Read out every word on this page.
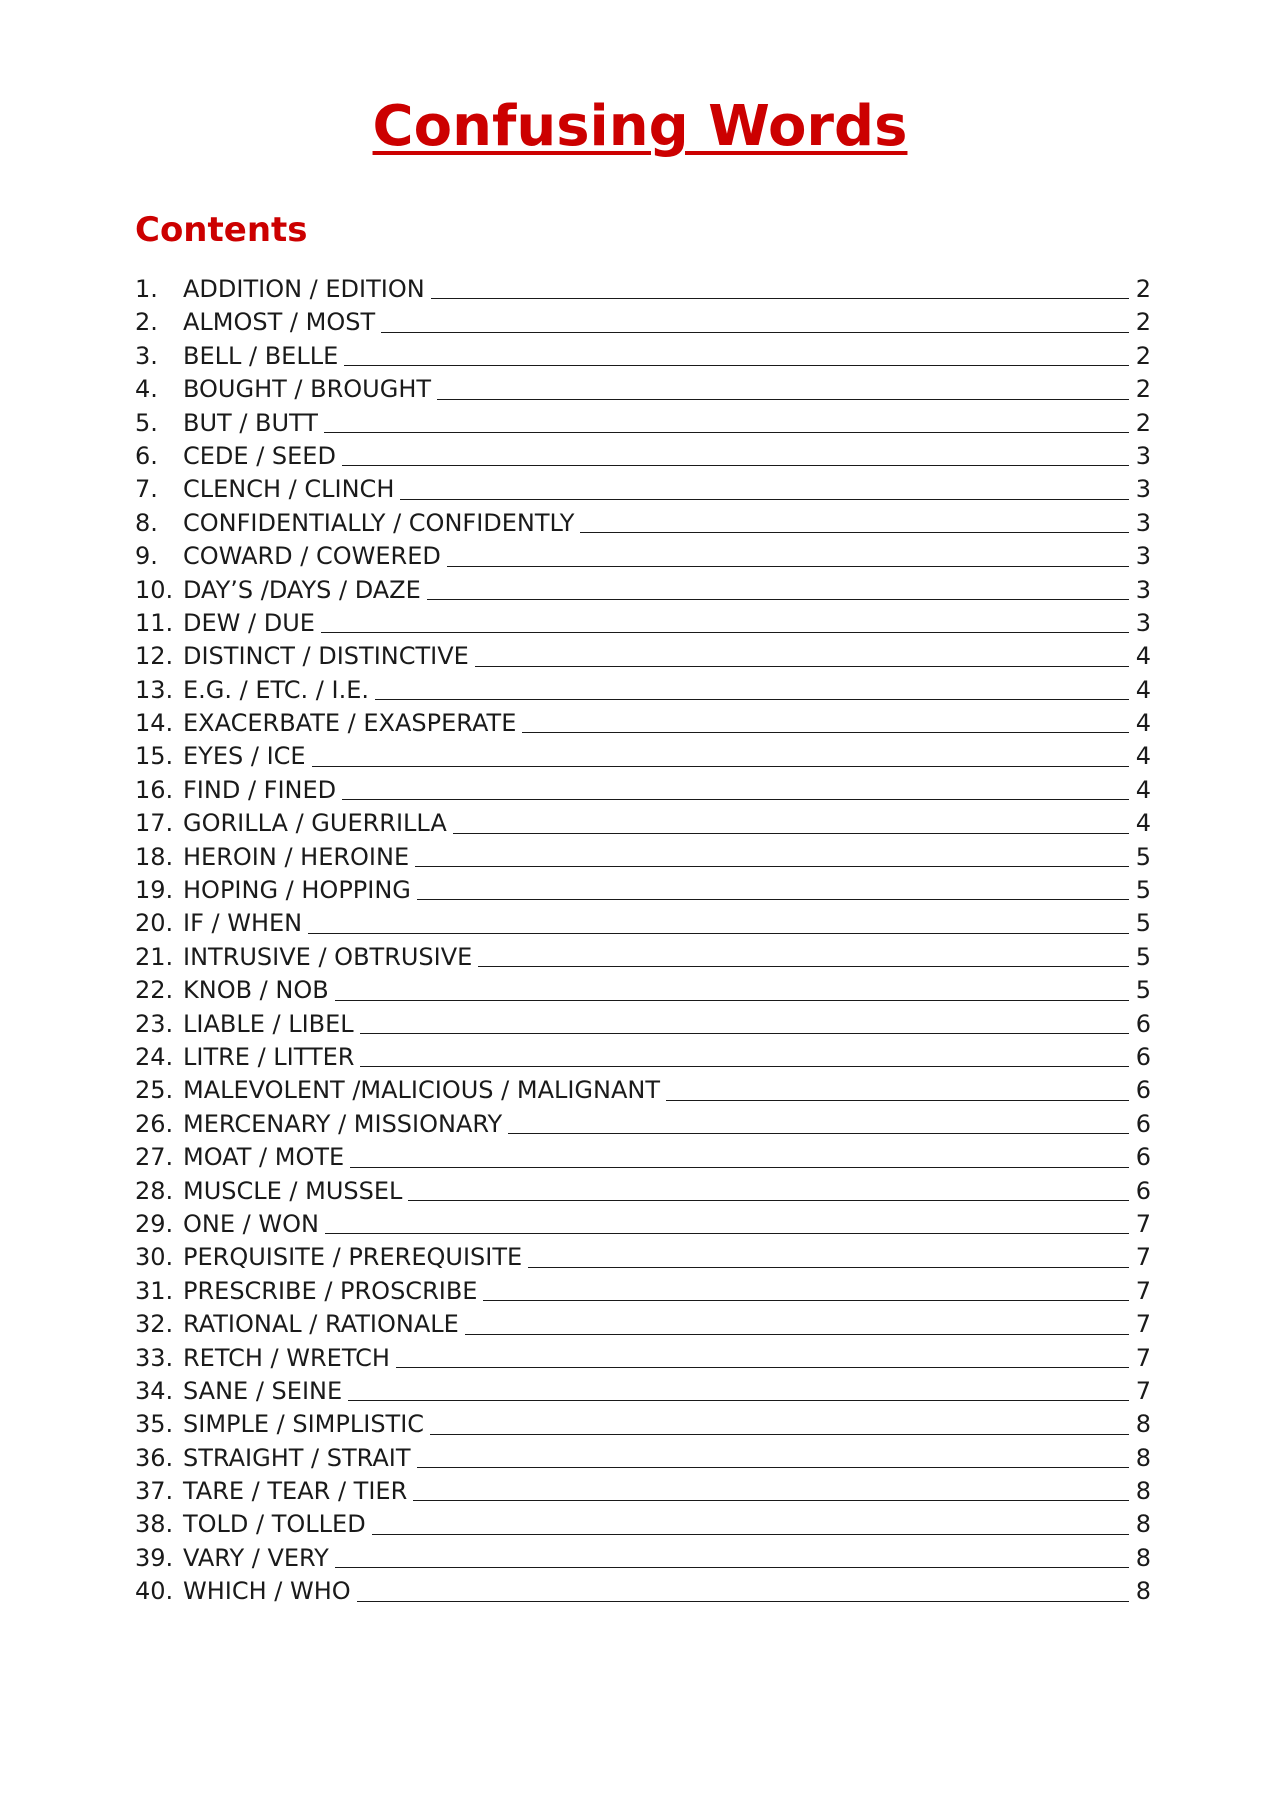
Confusing Words
Contents
1.	ADDITION / EDITION	2
2.	ALMOST / MOST	2
3.	BELL / BELLE	2
4.	BOUGHT / BROUGHT	2
5.	BUT / BUTT	2
6.	CEDE / SEED	3
7.	CLENCH / CLINCH	3
8.	CONFIDENTIALLY / CONFIDENTLY	3
9.	COWARD / COWERED	3
10. DAY’S /DAYS / DAZE	3
11. DEW / DUE	3
12. DISTINCT / DISTINCTIVE	4
13. E.G. / ETC. / I.E.	4
14. EXACERBATE / EXASPERATE	4
15. EYES / ICE	4
16. FIND / FINED	4
17. GORILLA / GUERRILLA	4
18. HEROIN / HEROINE	5
19. HOPING / HOPPING	5
20. IF / WHEN	5
21. INTRUSIVE / OBTRUSIVE	5
22. KNOB / NOB	5
23. LIABLE / LIBEL	6
24. LITRE / LITTER	6
25. MALEVOLENT /MALICIOUS / MALIGNANT	6
26. MERCENARY / MISSIONARY	6
27. MOAT / MOTE	6
28. MUSCLE / MUSSEL	6
29. ONE / WON	7
30. PERQUISITE / PREREQUISITE	7
31. PRESCRIBE / PROSCRIBE	7
32. RATIONAL / RATIONALE	7
33. RETCH / WRETCH	7
34. SANE / SEINE	7
35. SIMPLE / SIMPLISTIC	8
36. STRAIGHT / STRAIT	8
37. TARE / TEAR / TIER	8
38. TOLD / TOLLED	8
39. VARY / VERY	8
40. WHICH / WHO	8
